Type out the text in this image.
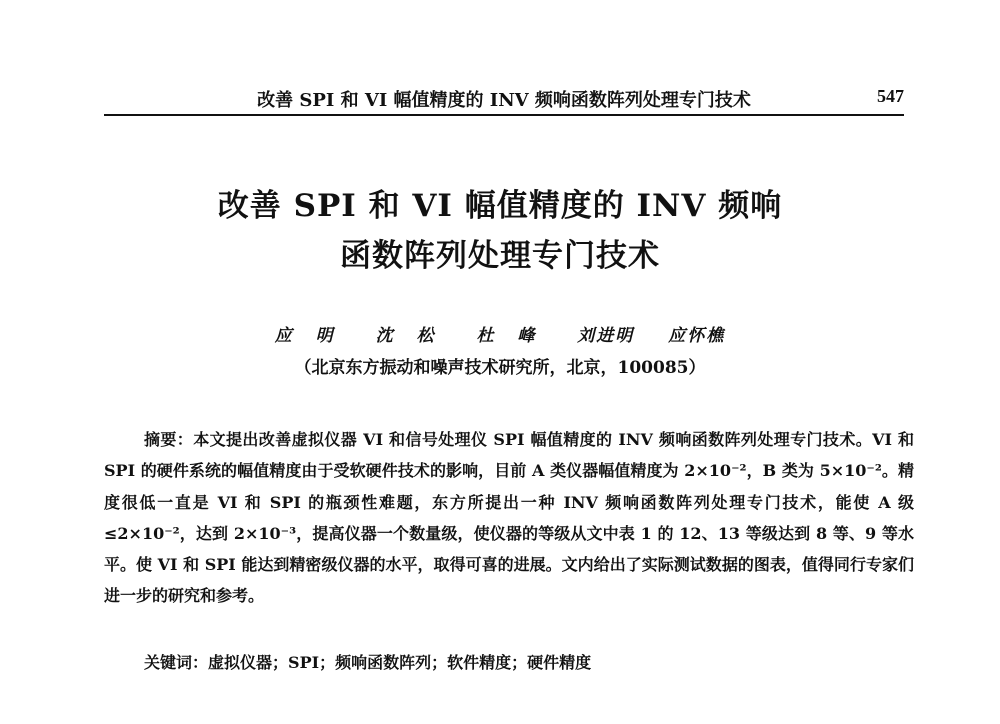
改善 SPI 和 VI 幅值精度的 INV 频响函数阵列处理专门技术	547
改善 SPI 和 VI 幅值精度的 INV 频响
函数阵列处理专门技术
应 明 沈 松 杜 峰 刘进明 应怀樵
（北京东方振动和噪声技术研究所，北京，100085）
摘要：本文提出改善虚拟仪器 VI 和信号处理仪 SPI 幅值精度的 INV 频响函数阵列处理专门技术。VI 和 SPI 的硬件系统的幅值精度由于受软硬件技术的影响，目前 A 类仪器幅值精度为 2×10⁻²，B 类为 5×10⁻²。精度很低一直是 VI 和 SPI 的瓶颈性难题，东方所提出一种 INV 频响函数阵列处理专门技术，能使 A 级≤2×10⁻²，达到 2×10⁻³，提高仪器一个数量级，使仪器的等级从文中表 1 的 12、13 等级达到 8 等、9 等水平。使 VI 和 SPI 能达到精密级仪器的水平，取得可喜的进展。文内给出了实际测试数据的图表，值得同行专家们进一步的研究和参考。
关键词：虚拟仪器；SPI；频响函数阵列；软件精度；硬件精度
